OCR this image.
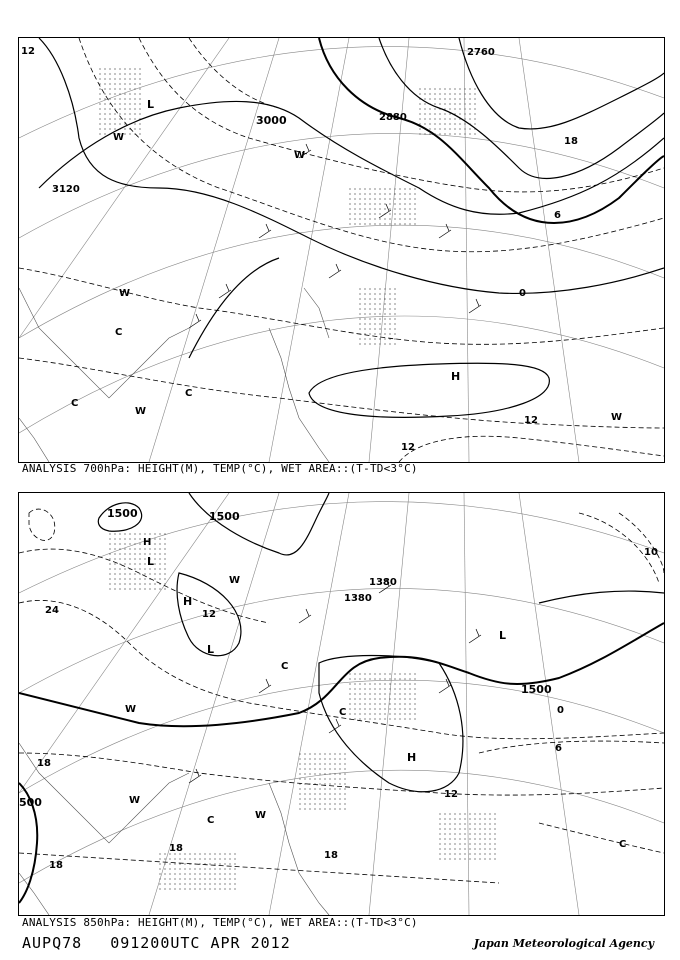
3000
3120
2880
2760
12
18
6
0
12
12
H
L
W
W
W
C
C
C
W
W
ANALYSIS 700hPa: HEIGHT(M), TEMP(°C), WET AREA::(T-TD<3°C)
1500	1500
1500
1380
1380
500
24
18
18
18
12
12
6
0
18
10
H
H
H
L
L
L
W
W
W
W
C
C
C
C
ANALYSIS 850hPa: HEIGHT(M), TEMP(°C), WET AREA::(T-TD<3°C)
AUPQ78 091200UTC APR 2012	Japan Meteorological Agency
